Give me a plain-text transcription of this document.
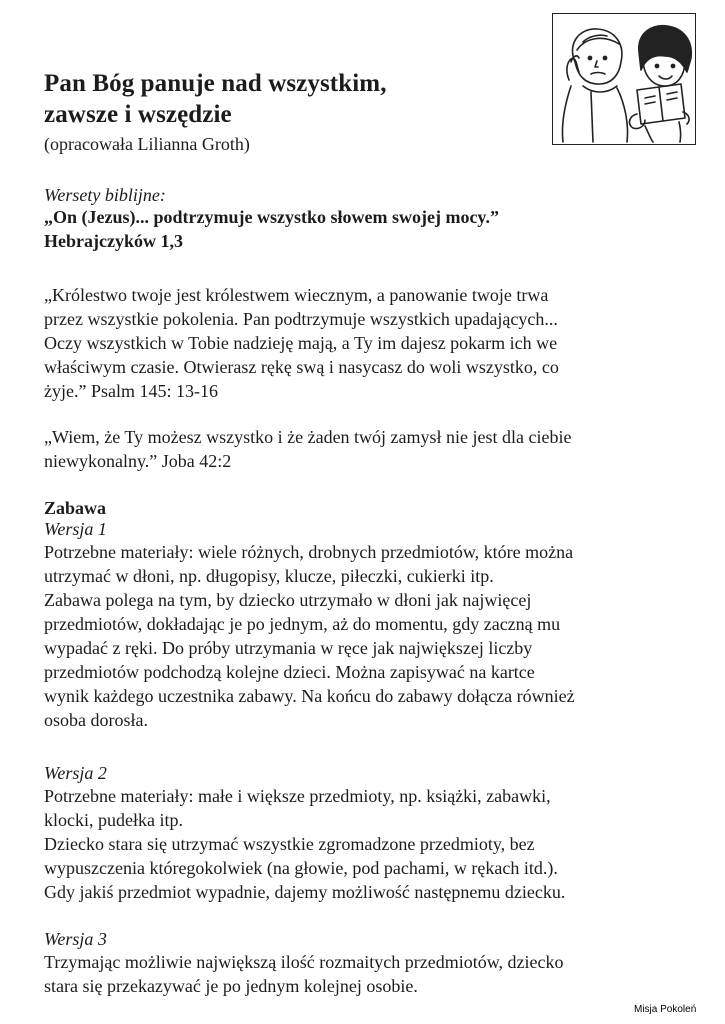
Pan Bóg panuje nad wszystkim,
zawsze i wszędzie
(opracowała Lilianna Groth)
Wersety biblijne:
„On (Jezus)... podtrzymuje wszystko słowem swojej mocy.”
Hebrajczyków 1,3
„Królestwo twoje jest królestwem wiecznym, a panowanie twoje trwa
przez wszystkie pokolenia. Pan podtrzymuje wszystkich upadających...
Oczy wszystkich w Tobie nadzieję mają, a Ty im dajesz pokarm ich we
właściwym czasie. Otwierasz rękę swą i nasycasz do woli wszystko, co
żyje.” Psalm 145: 13-16
„Wiem, że Ty możesz wszystko i że żaden twój zamysł nie jest dla ciebie
niewykonalny.” Joba 42:2
Zabawa
Wersja 1
Potrzebne materiały: wiele różnych, drobnych przedmiotów, które można
utrzymać w dłoni, np. długopisy, klucze, piłeczki, cukierki itp.
Zabawa polega na tym, by dziecko utrzymało w dłoni jak najwięcej
przedmiotów, dokładając je po jednym, aż do momentu, gdy zaczną mu
wypadać z ręki. Do próby utrzymania w ręce jak największej liczby
przedmiotów podchodzą kolejne dzieci. Można zapisywać na kartce
wynik każdego uczestnika zabawy. Na końcu do zabawy dołącza również
osoba dorosła.
Wersja 2
Potrzebne materiały: małe i większe przedmioty, np. książki, zabawki,
klocki, pudełka itp.
Dziecko stara się utrzymać wszystkie zgromadzone przedmioty, bez
wypuszczenia któregokolwiek (na głowie, pod pachami, w rękach itd.).
Gdy jakiś przedmiot wypadnie, dajemy możliwość następnemu dziecku.
Wersja 3
Trzymając możliwie największą ilość rozmaitych przedmiotów, dziecko
stara się przekazywać je po jednym kolejnej osobie.
Misja Pokoleń
